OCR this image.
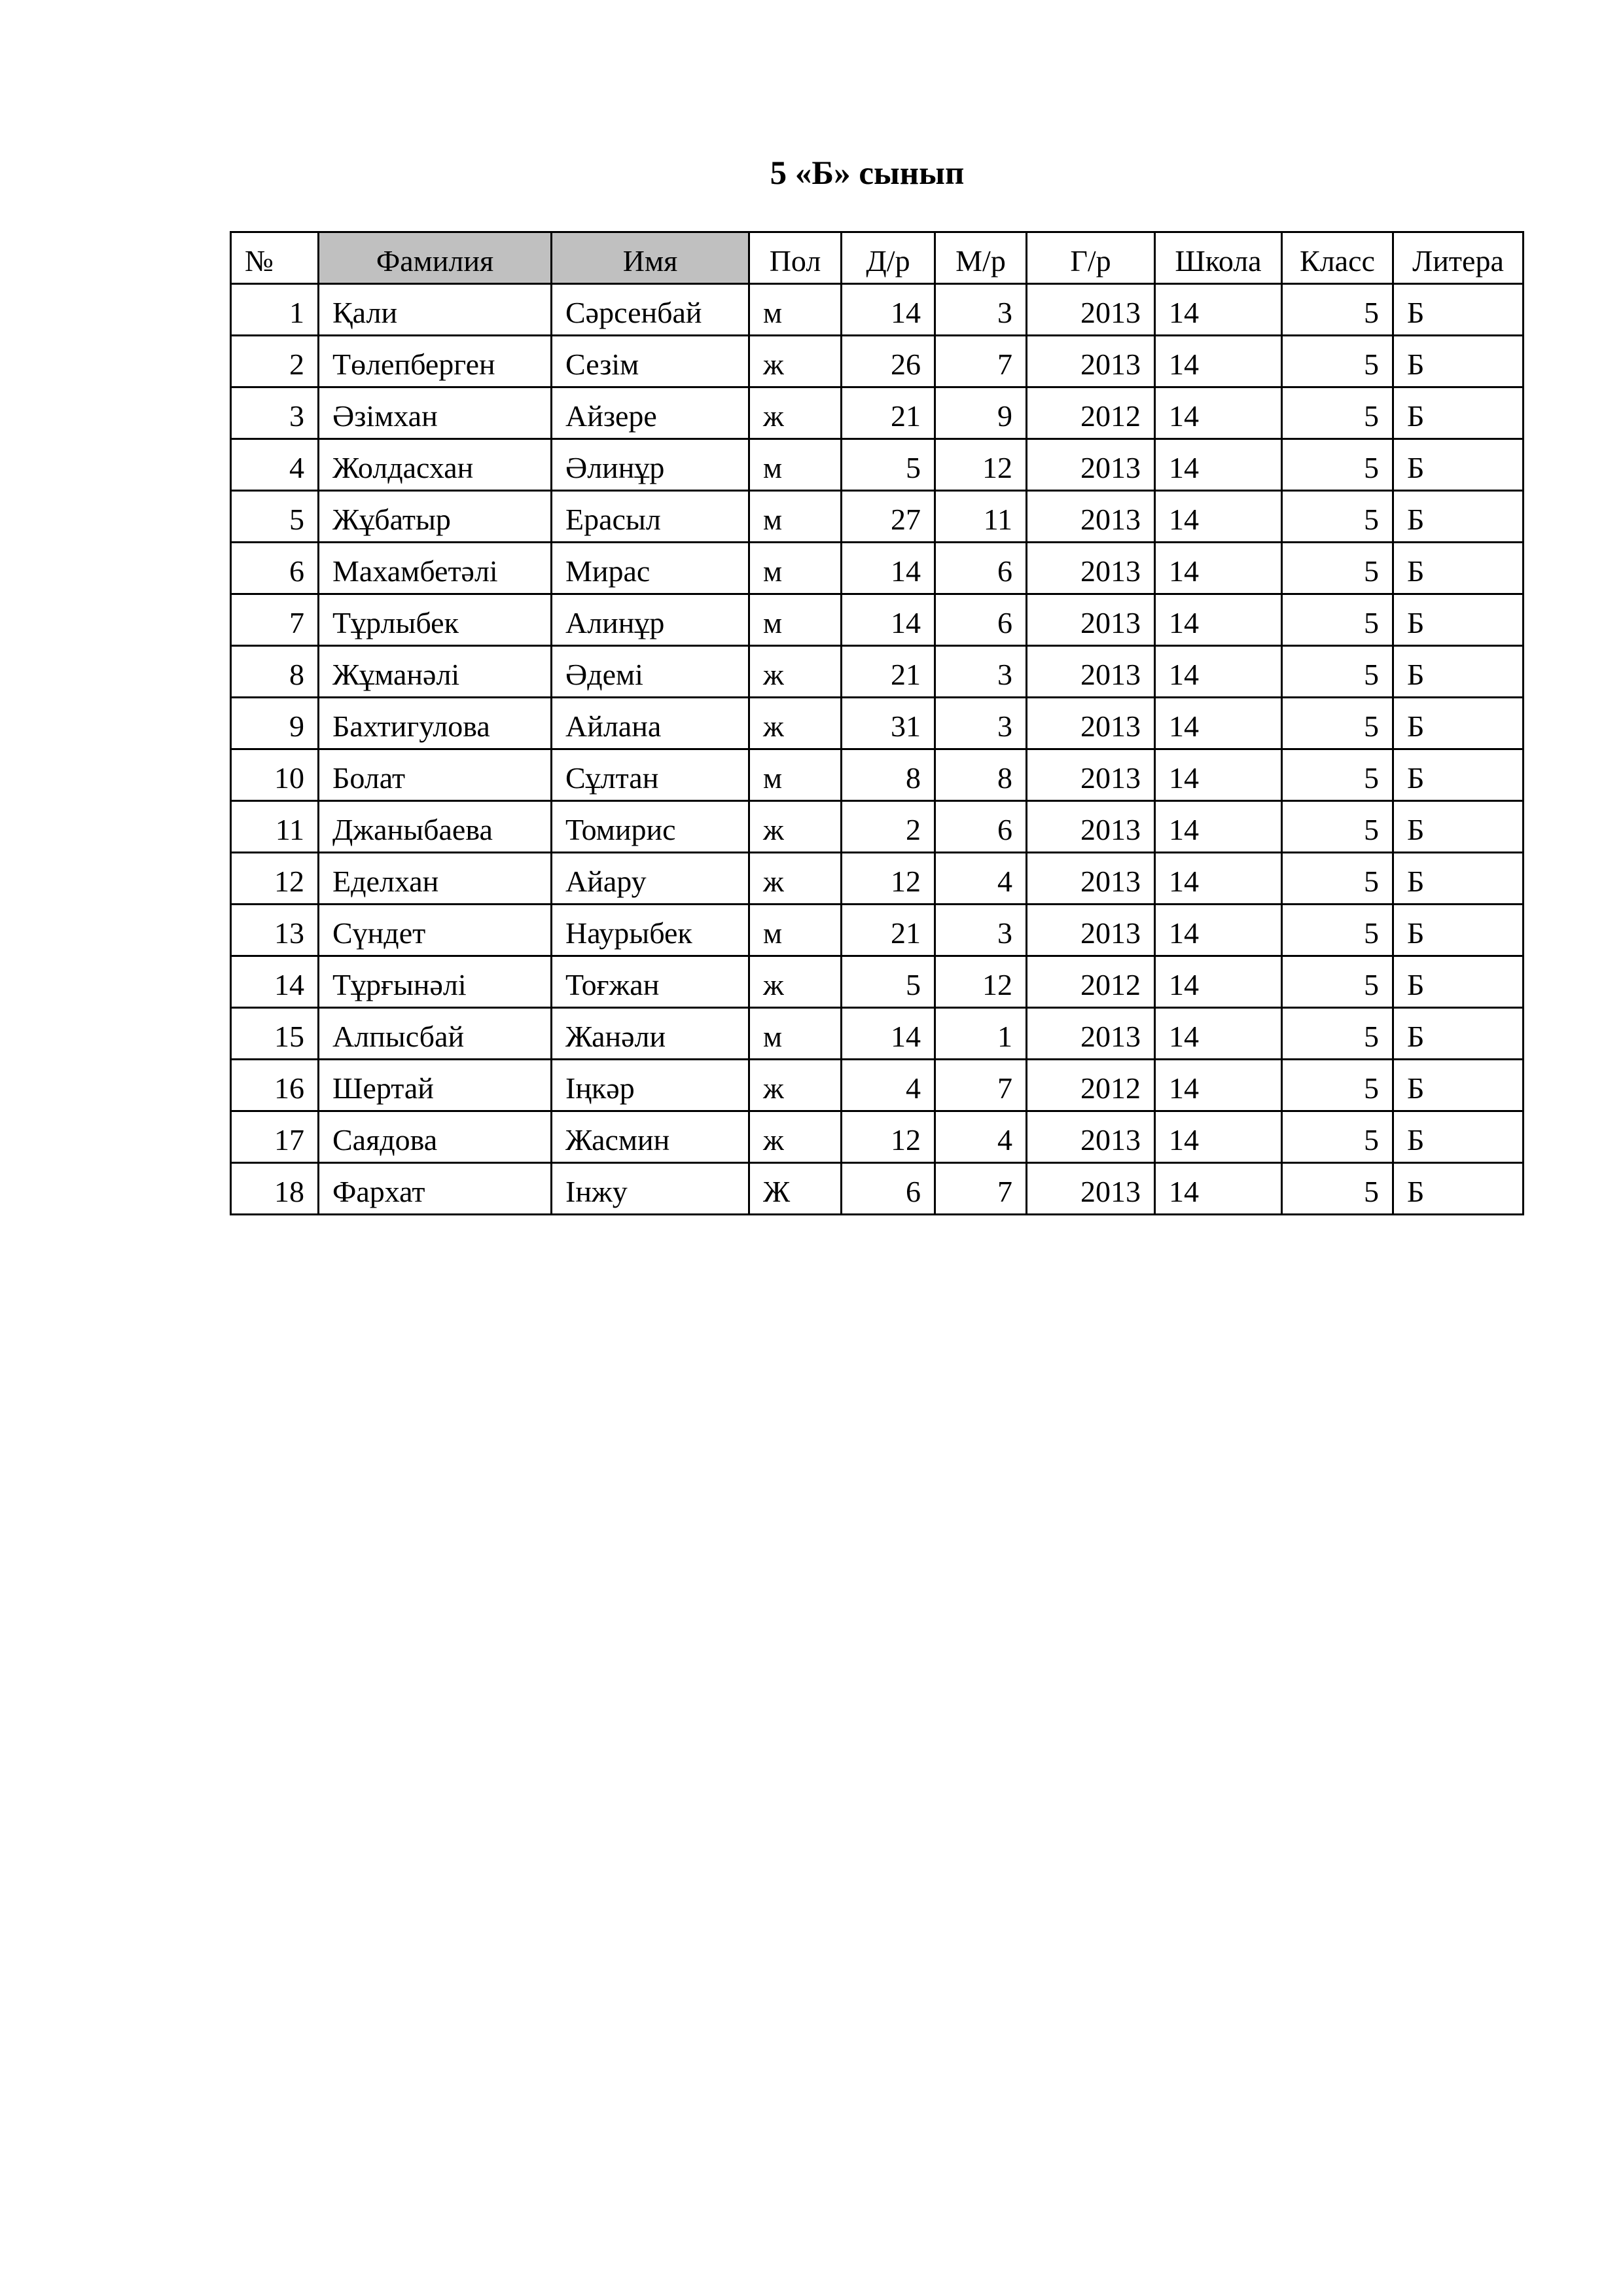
5 «Б» сынып
№	Фамилия	Имя	Пол	Д/р	М/р	Г/р	Школа	Класс	Литера
1	Қали	Сәрсенбай	м	14	3	2013	14	5	Б
2	Төлепберген	Сезім	ж	26	7	2013	14	5	Б
3	Әзімхан	Айзере	ж	21	9	2012	14	5	Б
4	Жолдасхан	Әлинұр	м	5	12	2013	14	5	Б
5	Жұбатыр	Ерасыл	м	27	11	2013	14	5	Б
6	Махамбетәлі	Мирас	м	14	6	2013	14	5	Б
7	Тұрлыбек	Алинұр	м	14	6	2013	14	5	Б
8	Жұманәлі	Әдемі	ж	21	3	2013	14	5	Б
9	Бахтигулова	Айлана	ж	31	3	2013	14	5	Б
10	Болат	Сұлтан	м	8	8	2013	14	5	Б
11	Джаныбаева	Томирис	ж	2	6	2013	14	5	Б
12	Еделхан	Айару	ж	12	4	2013	14	5	Б
13	Сүндет	Наурыбек	м	21	3	2013	14	5	Б
14	Тұрғынәлі	Тоғжан	ж	5	12	2012	14	5	Б
15	Алпысбай	Жанәли	м	14	1	2013	14	5	Б
16	Шертай	Іңкәр	ж	4	7	2012	14	5	Б
17	Саядова	Жасмин	ж	12	4	2013	14	5	Б
18	Фархат	Інжу	Ж	6	7	2013	14	5	Б
